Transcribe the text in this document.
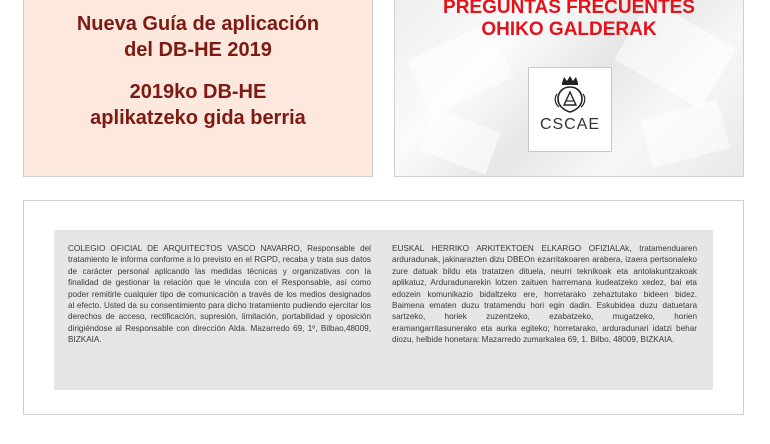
Nueva Guía de aplicación
del DB-HE 2019
2019ko DB-HE
aplikatzeko gida berria
PREGUNTAS FRECUENTES
OHIKO GALDERAK
CSCAE

COLEGIO OFICIAL DE ARQUITECTOS VASCO NAVARRO, Responsable del tratamiento le informa conforme a lo previsto en el RGPD, recaba y trata sus datos de carácter personal aplicando las medidas técnicas y organizativas con la finalidad de gestionar la relación que le vincula con el Responsable, así como poder remitirle cualquier tipo de comunicación a través de los medios designados al efecto. Usted da su consentimiento para dicho tratamiento pudiendo ejercitar los derechos de acceso, rectificación, supresión, limitación, portabilidad y oposición dirigiéndose al Responsable con dirección Alda. Mazarredo 69, 1º, Bilbao,48009, BIZKAIA.

EUSKAL HERRIKO ARKITEKTOEN ELKARGO OFIZIALAk, tratamenduaren arduradunak, jakinarazten dizu DBEOn ezarritakoaren arabera, izaera pertsonaleko zure datuak bildu eta tratatzen dituela, neurri teknikoak eta antolakuntzakoak aplikatuz, Arduradunarekin lotzen zaituen harremana kudeatzeko xedez, bai eta edozein komunikazio bidaltzeko ere, horretarako zehaztutako bideen bidez. Baimena ematen duzu tratamendu hori egin dadin. Eskubidea duzu datuetara sartzeko, horiek zuzentzeko, ezabatzeko, mugatzeko, horien eramangarritasunerako eta aurka egiteko; horretarako, arduradunari idatzi behar diozu, helbide honetara: Mazarredo zumarkalea 69, 1. Bilbo, 48009, BIZKAIA.
